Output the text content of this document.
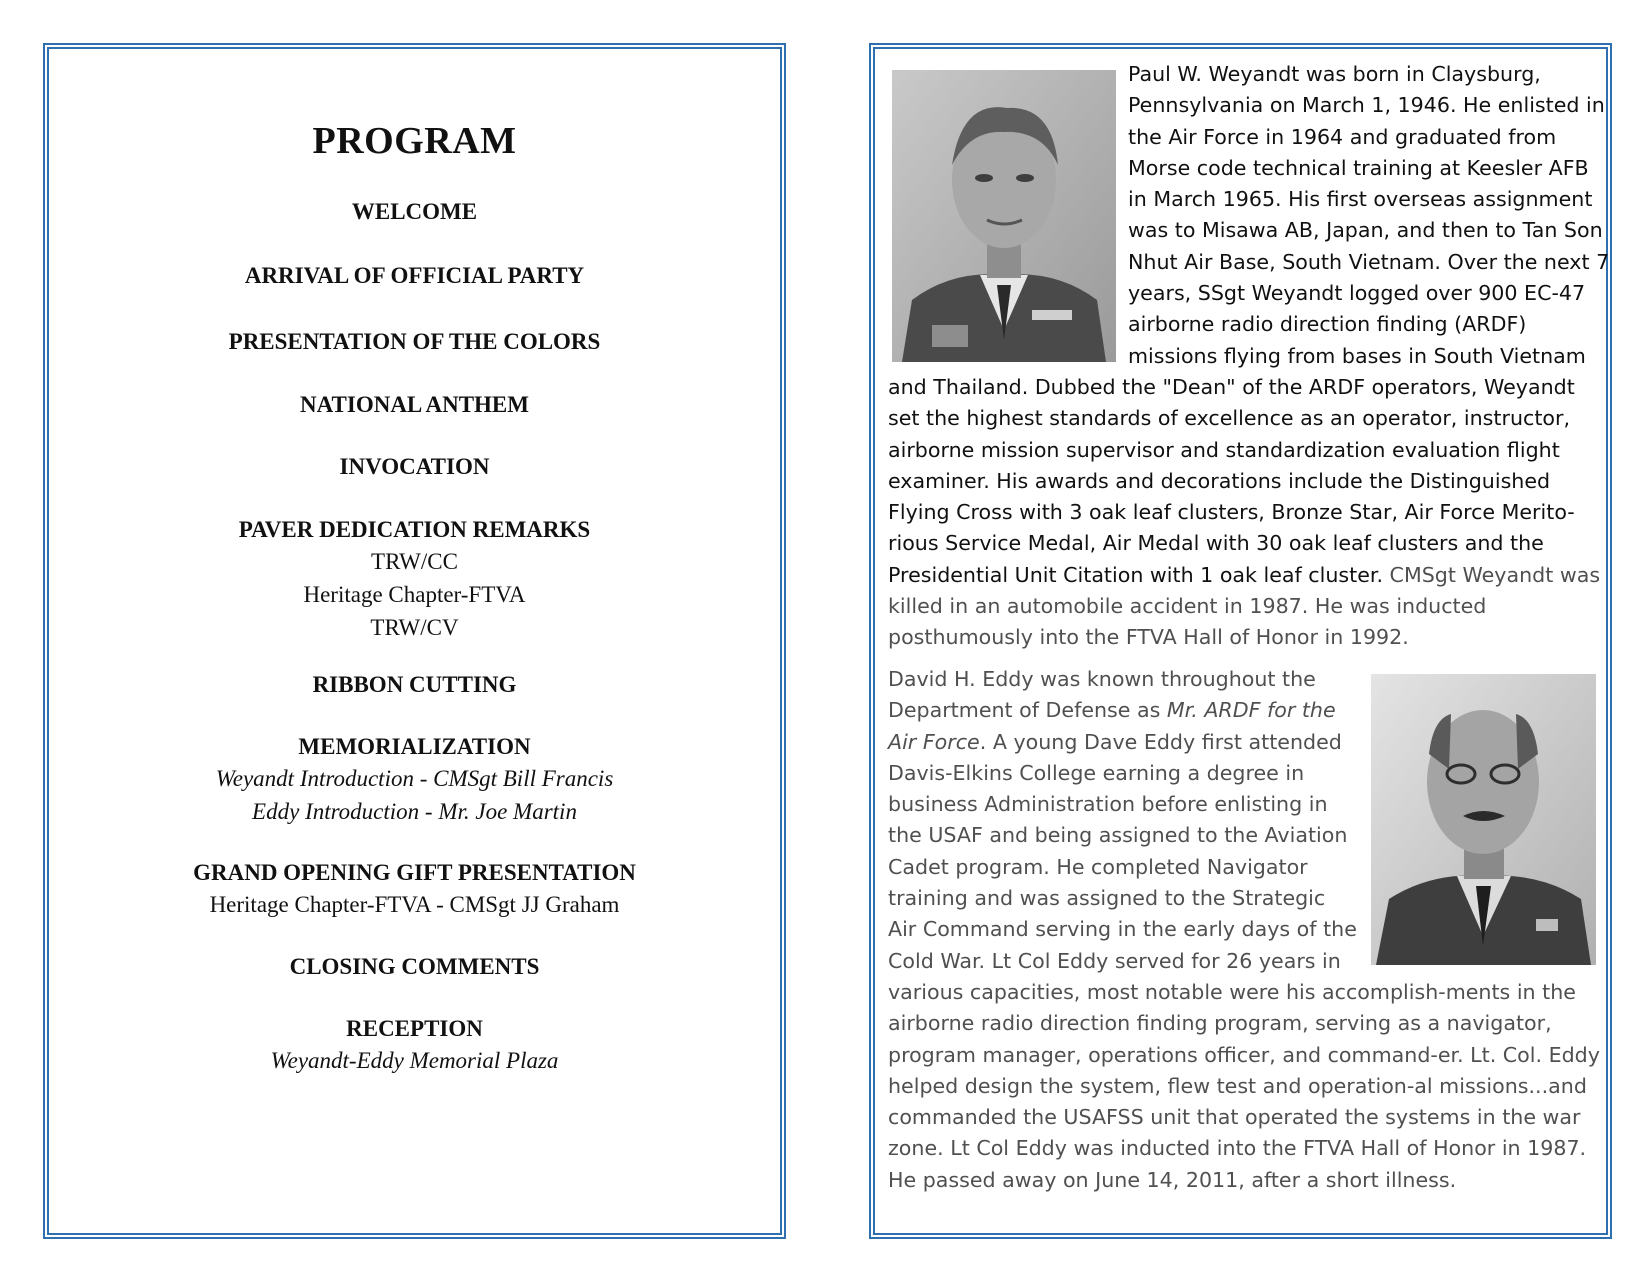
PROGRAM
WELCOME
ARRIVAL OF OFFICIAL PARTY
PRESENTATION OF THE COLORS
NATIONAL ANTHEM
INVOCATION
PAVER DEDICATION REMARKS
TRW/CC
Heritage Chapter-FTVA
TRW/CV
RIBBON CUTTING
MEMORIALIZATION
Weyandt Introduction - CMSgt Bill Francis
Eddy Introduction - Mr. Joe Martin
GRAND OPENING GIFT PRESENTATION
Heritage Chapter-FTVA - CMSgt JJ Graham
CLOSING COMMENTS
RECEPTION
Weyandt-Eddy Memorial Plaza

Paul W. Weyandt was born in Claysburg, Pennsylvania on March 1, 1946. He enlisted in the Air Force in 1964 and graduated from Morse code technical training at Keesler AFB in March 1965. His first overseas assignment was to Misawa AB, Japan, and then to Tan Son Nhut Air Base, South Vietnam. Over the next 7 years, SSgt Weyandt logged over 900 EC-47 airborne radio direction finding (ARDF) missions flying from bases in South Vietnam and Thailand. Dubbed the "Dean" of the ARDF operators, Weyandt set the highest standards of excellence as an operator, instructor, airborne mission supervisor and standardization evaluation flight examiner. His awards and decorations include the Distinguished Flying Cross with 3 oak leaf clusters, Bronze Star, Air Force Merito-rious Service Medal, Air Medal with 30 oak leaf clusters and the Presidential Unit Citation with 1 oak leaf cluster. CMSgt Weyandt was killed in an automobile accident in 1987. He was inducted posthumously into the FTVA Hall of Honor in 1992.

David H. Eddy was known throughout the Department of Defense as Mr. ARDF for the Air Force. A young Dave Eddy first attended Davis-Elkins College earning a degree in business Administration before enlisting in the USAF and being assigned to the Aviation Cadet program. He completed Navigator training and was assigned to the Strategic Air Command serving in the early days of the Cold War. Lt Col Eddy served for 26 years in various capacities, most notable were his accomplish-ments in the airborne radio direction finding program, serving as a navigator, program manager, operations officer, and command-er. Lt. Col. Eddy helped design the system, flew test and operation-al missions...and commanded the USAFSS unit that operated the systems in the war zone. Lt Col Eddy was inducted into the FTVA Hall of Honor in 1987. He passed away on June 14, 2011, after a short illness.
